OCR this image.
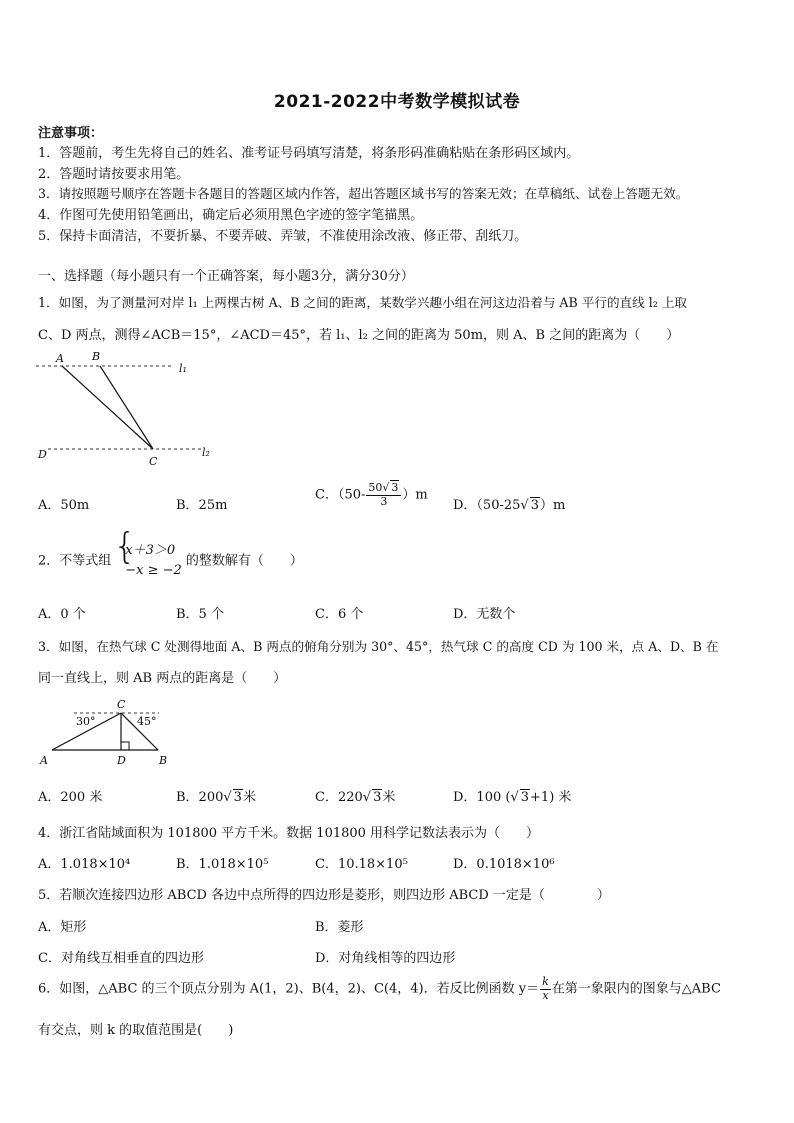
2021-2022中考数学模拟试卷
注意事项：
1．答题前，考生先将自己的姓名、准考证号码填写清楚，将条形码准确粘贴在条形码区域内。
2．答题时请按要求用笔。
3．请按照题号顺序在答题卡各题目的答题区域内作答，超出答题区域书写的答案无效；在草稿纸、试卷上答题无效。
4．作图可先使用铅笔画出，确定后必须用黑色字迹的签字笔描黑。
5．保持卡面清洁，不要折暴、不要弄破、弄皱，不准使用涂改液、修正带、刮纸刀。
一、选择题（每小题只有一个正确答案，每小题3分，满分30分）
1．如图，为了测量河对岸 l₁ 上两棵古树 A、B 之间的距离，某数学兴趣小组在河这边沿着与 AB 平行的直线 l₂ 上取
C、D 两点，测得∠ACB＝15°，∠ACD＝45°，若 l₁、l₂ 之间的距离为 50m，则 A、B 之间的距离为（　　）
A	B
C
D
l₁
l₂
A．50m	B．25m
C．$(50- \frac{50√ 3}{3} )m$
D．（50-25√ 3）m
2．不等式组
{ x＋3＞0
−x ≥ −2
的整数解有（　　）
A．0 个	B．5 个	C．6 个	D．无数个
3．如图，在热气球 C 处测得地面 A、B 两点的俯角分别为 30°、45°，热气球 C 的高度 CD 为 100 米，点 A、D、B 在
同一直线上，则 AB 两点的距离是（　　）
C
A	D	B
30°	45°
A．200 米	B．200√ 3米	C．220√ 3米	D．100 (√ 3+1) 米
4．浙江省陆域面积为 101800 平方千米。数据 101800 用科学记数法表示为（　　）
A．1.018×10⁴	B．1.018×10⁵	C．10.18×10⁵	D．0.1018×10⁶
5．若顺次连接四边形 ABCD 各边中点所得的四边形是菱形，则四边形 ABCD 一定是（　　　　）
A．矩形	B．菱形
C．对角线互相垂直的四边形	D．对角线相等的四边形
6．如图，△ABC 的三个顶点分别为 A(1，2)、B(4，2)、C(4，4)．若反比例函数 $y= \frac{k}{x}$ 在第一象限内的图象与△ABC
有交点，则 k 的取值范围是(　　)
